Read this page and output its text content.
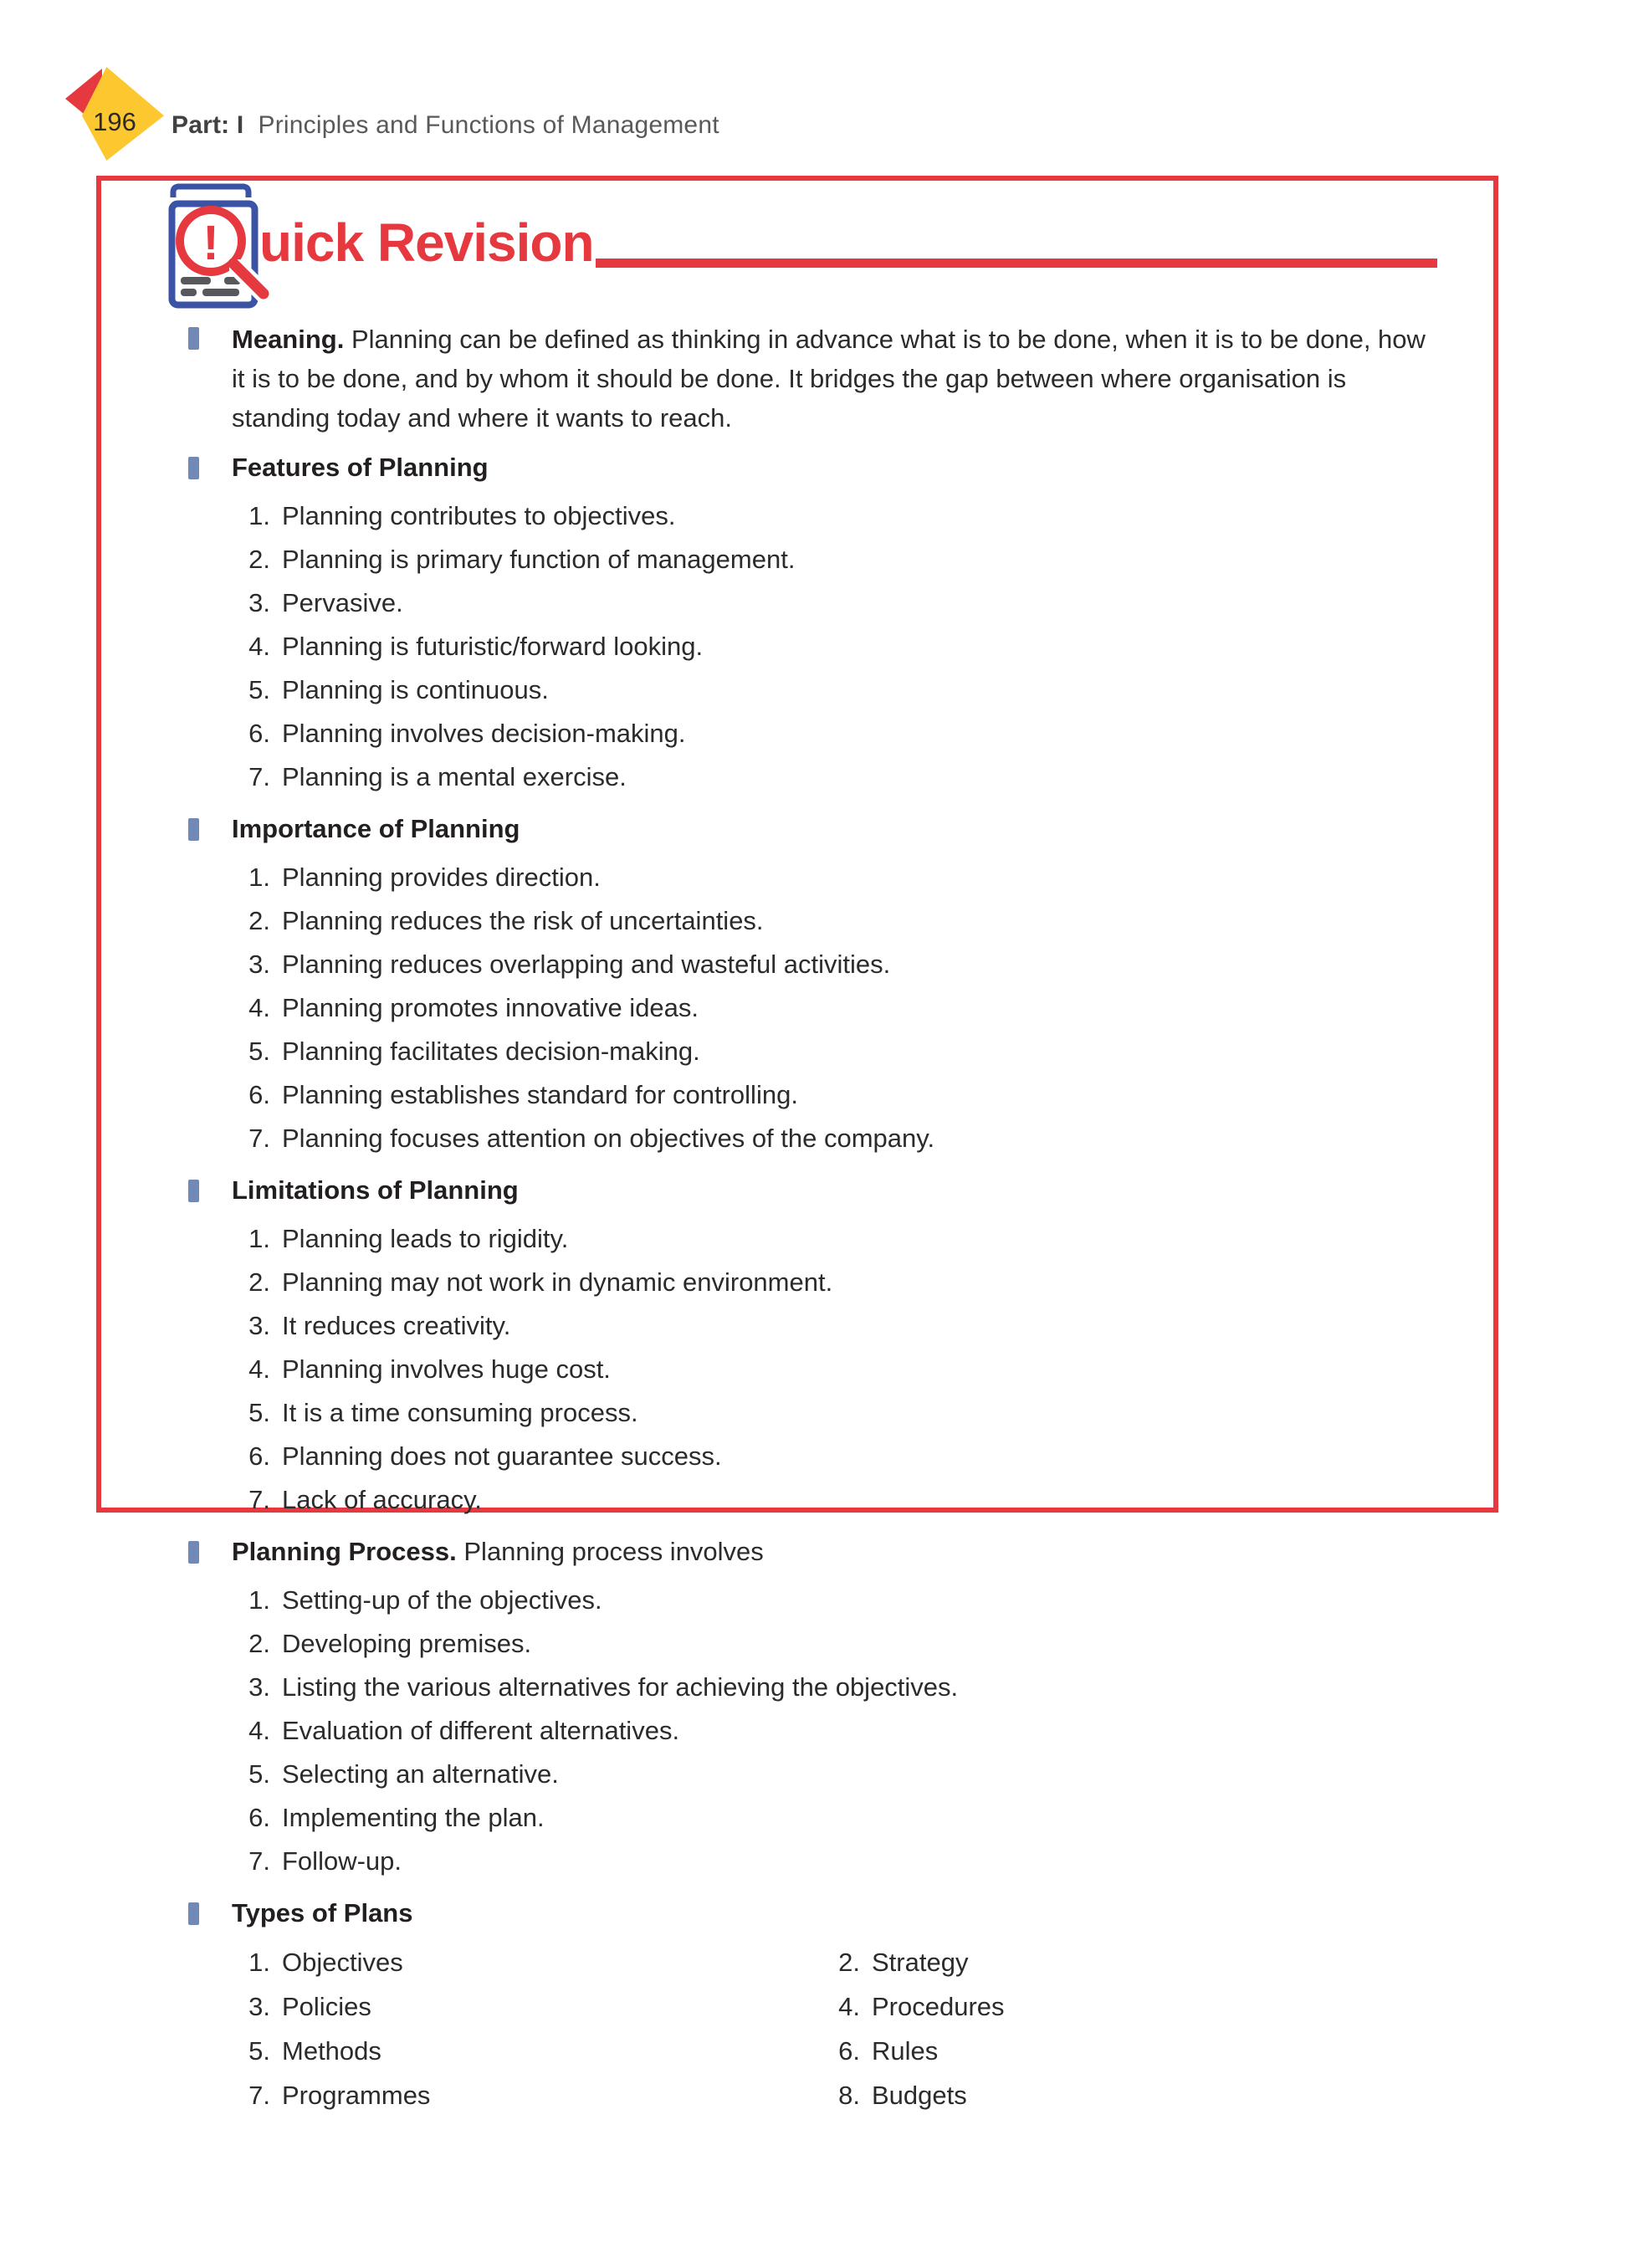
196	Part: I Principles and Functions of Management
! uick Revision

Meaning. Planning can be defined as thinking in advance what is to be done, when it is to be done, how it is to be done, and by whom it should be done. It bridges the gap between where organisation is standing today and where it wants to reach.

Features of Planning
1. Planning contributes to objectives.
2. Planning is primary function of management.
3. Pervasive.
4. Planning is futuristic/forward looking.
5. Planning is continuous.
6. Planning involves decision-making.
7. Planning is a mental exercise.
Importance of Planning
1. Planning provides direction.
2. Planning reduces the risk of uncertainties.
3. Planning reduces overlapping and wasteful activities.
4. Planning promotes innovative ideas.
5. Planning facilitates decision-making.
6. Planning establishes standard for controlling.
7. Planning focuses attention on objectives of the company.
Limitations of Planning
1. Planning leads to rigidity.
2. Planning may not work in dynamic environment.
3. It reduces creativity.
4. Planning involves huge cost.
5. It is a time consuming process.
6. Planning does not guarantee success.
7. Lack of accuracy.
Planning Process. Planning process involves
1. Setting-up of the objectives.
2. Developing premises.
3. Listing the various alternatives for achieving the objectives.
4. Evaluation of different alternatives.
5. Selecting an alternative.
6. Implementing the plan.
7. Follow-up.
Types of Plans
1. Objectives	2. Strategy
3. Policies	4. Procedures
5. Methods	6. Rules
7. Programmes	8. Budgets
